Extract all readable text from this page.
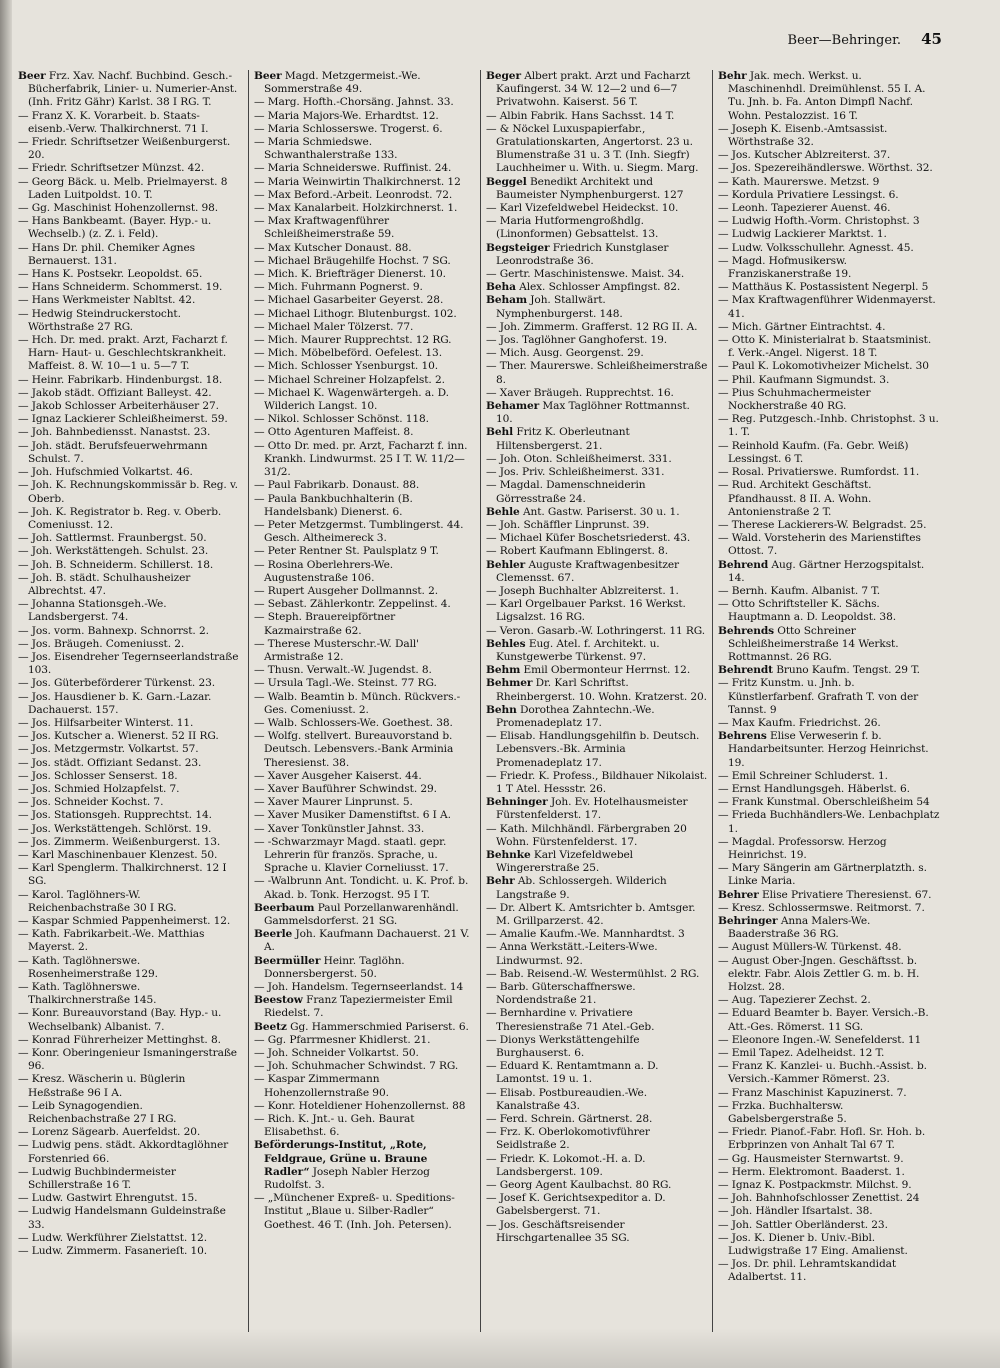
Beer—Behringer. 45
Beer Frz. Xav. Nachf. Buchbind. Gesch.-Bücherfabrik, Linier- u. Numerier-Anst. (Inh. Fritz Gähr) Karlst. 38 I RG. T.
— Franz X. K. Vorarbeit. b. Staats-eisenb.-Verw. Thalkirchnerst. 71 I.
— Friedr. Schriftsetzer Weißenburgerst. 20.
— Friedr. Schriftsetzer Münzst. 42.
— Georg Bäck. u. Melb. Prielmayerst. 8 Laden Luitpoldst. 10. T.
— Gg. Maschinist Hohenzollernst. 98.
— Hans Bankbeamt. (Bayer. Hyp.- u. Wechselb.) (z. Z. i. Feld).
— Hans Dr. phil. Chemiker Agnes Bernauerst. 131.
— Hans K. Postsekr. Leopoldst. 65.
— Hans Schneiderm. Schommerst. 19.
— Hans Werkmeister Nabltst. 42.
— Hedwig Steindruckerstocht. Wörthstraße 27 RG.
— Hch. Dr. med. prakt. Arzt, Facharzt f. Harn- Haut- u. Geschlechtskrankheit. Maffeist. 8. W. 10—1 u. 5—7 T.
— Heinr. Fabrikarb. Hindenburgst. 18.
— Jakob städt. Offiziant Balleyst. 42.
— Jakob Schlosser Arbeiterhäuser 27.
— Ignaz Lackierer Schleißheimerst. 59.
— Joh. Bahnbediensst. Nanastst. 23.
— Joh. städt. Berufsfeuerwehrmann Schulst. 7.
— Joh. Hufschmied Volkartst. 46.
— Joh. K. Rechnungskommissär b. Reg. v. Oberb.
— Joh. K. Registrator b. Reg. v. Oberb. Comeniusst. 12.
— Joh. Sattlermst. Fraunbergst. 50.
— Joh. Werkstättengeh. Schulst. 23.
— Joh. B. Schneiderm. Schillerst. 18.
— Joh. B. städt. Schulhausheizer Albrechtst. 47.
— Johanna Stationsgeh.-We. Landsbergerst. 74.
— Jos. vorm. Bahnexp. Schnorrst. 2.
— Jos. Bräugeh. Comeniusst. 2.
— Jos. Eisendreher Tegernseerlandstraße 103.
— Jos. Güterbeförderer Türkenst. 23.
— Jos. Hausdiener b. K. Garn.-Lazar. Dachauerst. 157.
— Jos. Hilfsarbeiter Winterst. 11.
— Jos. Kutscher a. Wienerst. 52 II RG.
— Jos. Metzgermstr. Volkartst. 57.
— Jos. städt. Offiziant Sedanst. 23.
— Jos. Schlosser Senserst. 18.
— Jos. Schmied Holzapfelst. 7.
— Jos. Schneider Kochst. 7.
— Jos. Stationsgeh. Rupprechtst. 14.
— Jos. Werkstättengeh. Schlörst. 19.
— Jos. Zimmerm. Weißenburgerst. 13.
— Karl Maschinenbauer Klenzest. 50.
— Karl Spenglerm. Thalkirchnerst. 12 I SG.
— Karol. Taglöhners-W. Reichenbachstraße 30 I RG.
— Kaspar Schmied Pappenheimerst. 12.
— Kath. Fabrikarbeit.-We. Matthias Mayerst. 2.
— Kath. Taglöhnerswe. Rosenheimerstraße 129.
— Kath. Taglöhnerswe. Thalkirchnerstraße 145.
— Konr. Bureauvorstand (Bay. Hyp.- u. Wechselbank) Albanist. 7.
— Konrad Führerheizer Mettinghst. 8.
— Konr. Oberingenieur Ismaningerstraße 96.
— Kresz. Wäscherin u. Büglerin Heßstraße 96 I A.
— Leib Synagogendien. Reichenbachstraße 27 I RG.
— Lorenz Sägearb. Auerfeldst. 20.
— Ludwig pens. städt. Akkordtaglöhner Forstenried 66.
— Ludwig Buchbindermeister Schillerstraße 16 T.
— Ludw. Gastwirt Ehrengutst. 15.
— Ludwig Handelsmann Guldeinstraße 33.
— Ludw. Werkführer Zielstattst. 12.
— Ludw. Zimmerm. Fasanerieſt. 10.
Beer Magd. Metzgermeist.-We. Sommerstraße 49.
— Marg. Hofth.-Chorsäng. Jahnst. 33.
— Maria Majors-We. Erhardtst. 12.
— Maria Schlosserswe. Trogerst. 6.
— Maria Schmiedswe. Schwanthalerstraße 133.
— Maria Schneiderswe. Ruffinist. 24.
— Maria Weinwirtin Thalkirchnerst. 12
— Max Beford.-Arbeit. Leonrodst. 72.
— Max Kanalarbeit. Holzkirchnerst. 1.
— Max Kraftwagenführer Schleißheimerstraße 59.
— Max Kutscher Donaust. 88.
— Michael Bräugehilfe Hochst. 7 SG.
— Mich. K. Briefträger Dienerst. 10.
— Mich. Fuhrmann Pognerst. 9.
— Michael Gasarbeiter Geyerst. 28.
— Michael Lithogr. Blutenburgst. 102.
— Michael Maler Tölzerst. 77.
— Mich. Maurer Rupprechtst. 12 RG.
— Mich. Möbelbeförd. Oefelest. 13.
— Mich. Schlosser Ysenburgst. 10.
— Michael Schreiner Holzapfelst. 2.
— Michael K. Wagenwärtergeh. a. D. Wilderich Langst. 10.
— Nikol. Schlosser Schönst. 118.
— Otto Agenturen Maffeist. 8.
— Otto Dr. med. pr. Arzt, Facharzt f. inn. Krankh. Lindwurmst. 25 I T. W. 11/2—31/2.
— Paul Fabrikarb. Donaust. 88.
— Paula Bankbuchhalterin (B. Handelsbank) Dienerst. 6.
— Peter Metzgermst. Tumblingerst. 44. Gesch. Altheimereck 3.
— Peter Rentner St. Paulsplatz 9 T.
— Rosina Oberlehrers-We. Augustenstraße 106.
— Rupert Ausgeher Dollmannst. 2.
— Sebast. Zählerkontr. Zeppelinst. 4.
— Steph. Brauereipförtner Kazmairstraße 62.
— Therese Musterschr.-W. Dall' Armistraße 12.
— Thusn. Verwalt.-W. Jugendst. 8.
— Ursula Tagl.-We. Steinst. 77 RG.
— Walb. Beamtin b. Münch. Rückvers.-Ges. Comeniusst. 2.
— Walb. Schlossers-We. Goethest. 38.
— Wolfg. stellvert. Bureauvorstand b. Deutsch. Lebensvers.-Bank Arminia Theresienst. 38.
— Xaver Ausgeher Kaiserst. 44.
— Xaver Bauführer Schwindst. 29.
— Xaver Maurer Linprunst. 5.
— Xaver Musiker Damenstiftst. 6 I A.
— Xaver Tonkünstler Jahnst. 33.
— -Schwarzmayr Magd. staatl. gepr. Lehrerin für französ. Sprache, u. Sprache u. Klavier Corneliusst. 17.
— -Walbrunn Ant. Tondicht. u. K. Prof. b. Akad. b. Tonk. Herzogst. 95 I T.
Beerbaum Paul Porzellanwarenhändl. Gammelsdorferst. 21 SG.
Beerle Joh. Kaufmann Dachauerst. 21 V. A.
Beermüller Heinr. Taglöhn. Donnersbergerst. 50.
— Joh. Handelsm. Tegernseerlandst. 14
Beestow Franz Tapeziermeister Emil Riedelst. 7.
Beetz Gg. Hammerschmied Pariserst. 6.
— Gg. Pfarrmesner Khidlerst. 21.
— Joh. Schneider Volkartst. 50.
— Joh. Schuhmacher Schwindst. 7 RG.
— Kaspar Zimmermann Hohenzollernstraße 90.
— Konr. Hoteldiener Hohenzollernst. 88
— Rich. K. Jnt.- u. Geh. Baurat Elisabethst. 6.
Beförderungs-Institut, „Rote, Feldgraue, Grüne u. Braune Radler“ Joseph Nabler Herzog Rudolfst. 3.
— „Münchener Expreß- u. Speditions-Institut „Blaue u. Silber-Radler“ Goethest. 46 T. (Inh. Joh. Petersen).
Beger Albert prakt. Arzt und Facharzt Kaufingerst. 34 W. 12—2 und 6—7 Privatwohn. Kaiserst. 56 T.
— Albin Fabrik. Hans Sachsst. 14 T.
— & Nöckel Luxuspapierfabr., Gratulationskarten, Angertorst. 23 u. Blumenstraße 31 u. 3 T. (Inh. Siegfr) Lauchheimer u. With. u. Siegm. Marg.
Beggel Benedikt Architekt und Baumeister Nymphenburgerst. 127
— Karl Vizefeldwebel Heideckst. 10.
— Maria Hutformengroßhdlg. (Linonformen) Gebsattelst. 13.
Begsteiger Friedrich Kunstglaser Leonrodstraße 36.
— Gertr. Maschinistenswe. Maist. 34.
Beha Alex. Schlosser Ampfingst. 82.
Beham Joh. Stallwärt. Nymphenburgerst. 148.
— Joh. Zimmerm. Grafferst. 12 RG II. A.
— Jos. Taglöhner Ganghoferst. 19.
— Mich. Ausg. Georgenst. 29.
— Ther. Maurerswe. Schleißheimerstraße 8.
— Xaver Bräugeh. Rupprechtst. 16.
Behamer Max Taglöhner Rottmannst. 10.
Behl Fritz K. Oberleutnant Hiltensbergerst. 21.
— Joh. Oton. Schleißheimerst. 331.
— Jos. Priv. Schleißheimerst. 331.
— Magdal. Damenschneiderin Görresstraße 24.
Behle Ant. Gastw. Pariserst. 30 u. 1.
— Joh. Schäffler Linprunst. 39.
— Michael Küfer Boschetsriederst. 43.
— Robert Kaufmann Eblingerst. 8.
Behler Auguste Kraftwagenbesitzer Clemensst. 67.
— Joseph Buchhalter Ablzreiterst. 1.
— Karl Orgelbauer Parkst. 16 Werkst. Ligsalzst. 16 RG.
— Veron. Gasarb.-W. Lothringerst. 11 RG.
Behles Eug. Atel. f. Architekt. u. Kunstgewerbe Türkenst. 97.
Behm Emil Obermonteur Herrnst. 12.
Behmer Dr. Karl Schriftst. Rheinbergerst. 10. Wohn. Kratzerst. 20.
Behn Dorothea Zahntechn.-We. Promenadeplatz 17.
— Elisab. Handlungsgehilfin b. Deutsch. Lebensvers.-Bk. Arminia Promenadeplatz 17.
— Friedr. K. Profess., Bildhauer Nikolaist. 1 T Atel. Hessstr. 26.
Behninger Joh. Ev. Hotelhausmeister Fürstenfelderst. 17.
— Kath. Milchhändl. Färbergraben 20 Wohn. Fürstenfelderst. 17.
Behnke Karl Vizefeldwebel Wingererstraße 25.
Behr Ab. Schlossergeh. Wilderich Langstraße 9.
— Dr. Albert K. Amtsrichter b. Amtsger. M. Grillparzerst. 42.
— Amalie Kaufm.-We. Mannhardtst. 3
— Anna Werkstätt.-Leiters-Wwe. Lindwurmst. 92.
— Bab. Reisend.-W. Westermühlst. 2 RG.
— Barb. Güterschaffnerswe. Nordendstraße 21.
— Bernhardine v. Privatiere Theresienstraße 71 Atel.-Geb.
— Dionys Werkstättengehilfe Burghauserst. 6.
— Eduard K. Rentamtmann a. D. Lamontst. 19 u. 1.
— Elisab. Postbureaudien.-We. Kanalstraße 43.
— Ferd. Schrein. Gärtnerst. 28.
— Frz. K. Oberlokomotivführer Seidlstraße 2.
— Friedr. K. Lokomot.-H. a. D. Landsbergerst. 109.
— Georg Agent Kaulbachst. 80 RG.
— Josef K. Gerichtsexpeditor a. D. Gabelsbergerst. 71.
— Jos. Geschäftsreisender Hirschgartenallee 35 SG.
Behr Jak. mech. Werkst. u. Maschinenhdl. Dreimühlenst. 55 I. A. Tu. Jnh. b. Fa. Anton Dimpfl Nachf. Wohn. Pestalozzist. 16 T.
— Joseph K. Eisenb.-Amtsassist. Wörthstraße 32.
— Jos. Kutscher Ablzreiterst. 37.
— Jos. Spezereihändlerswe. Wörthst. 32.
— Kath. Maurerswe. Metzst. 9
— Kordula Privatiere Lessingst. 6.
— Leonh. Tapezierer Auenst. 46.
— Ludwig Hofth.-Vorm. Christophst. 3
— Ludwig Lackierer Marktst. 1.
— Ludw. Volksschullehr. Agnesst. 45.
— Magd. Hofmusikersw. Franziskanerstraße 19.
— Matthäus K. Postassistent Negerpl. 5
— Max Kraftwagenführer Widenmayerst. 41.
— Mich. Gärtner Eintrachtst. 4.
— Otto K. Ministerialrat b. Staatsminist. f. Verk.-Angel. Nigerst. 18 T.
— Paul K. Lokomotivheizer Michelst. 30
— Phil. Kaufmann Sigmundst. 3.
— Pius Schuhmachermeister Nockherstraße 40 RG.
— Reg. Putzgesch.-Inhb. Christophst. 3 u. 1. T.
— Reinhold Kaufm. (Fa. Gebr. Weiß) Lessingst. 6 T.
— Rosal. Privatierswe. Rumfordst. 11.
— Rud. Architekt Geschäftst. Pfandhausst. 8 II. A. Wohn. Antonienstraße 2 T.
— Therese Lackierers-W. Belgradst. 25.
— Wald. Vorsteherin des Marienstiftes Ottost. 7.
Behrend Aug. Gärtner Herzogspitalst. 14.
— Bernh. Kaufm. Albanist. 7 T.
— Otto Schriftsteller K. Sächs. Hauptmann a. D. Leopoldst. 38.
Behrends Otto Schreiner Schleißheimerstraße 14 Werkst. Rottmannst. 26 RG.
Behrendt Bruno Kaufm. Tengst. 29 T.
— Fritz Kunstm. u. Jnh. b. Künstlerfarbenf. Grafrath T. von der Tannst. 9
— Max Kaufm. Friedrichst. 26.
Behrens Elise Verweserin f. b. Handarbeitsunter. Herzog Heinrichst. 19.
— Emil Schreiner Schluderst. 1.
— Ernst Handlungsgeh. Häberlst. 6.
— Frank Kunstmal. Oberschleißheim 54
— Frieda Buchhändlers-We. Lenbachplatz 1.
— Magdal. Professorsw. Herzog Heinrichst. 19.
— Mary Sängerin am Gärtnerplatzth. s. Linke Maria.
Behrer Elise Privatiere Theresienst. 67.
— Kresz. Schlossermswe. Reitmorst. 7.
Behringer Anna Malers-We. Baaderstraße 36 RG.
— August Müllers-W. Türkenst. 48.
— August Ober-Jngen. Geschäftsst. b. elektr. Fabr. Alois Zettler G. m. b. H. Holzst. 28.
— Aug. Tapezierer Zechst. 2.
— Eduard Beamter b. Bayer. Versich.-B. Att.-Ges. Römerst. 11 SG.
— Eleonore Ingen.-W. Senefelderst. 11
— Emil Tapez. Adelheidst. 12 T.
— Franz K. Kanzlei- u. Buchh.-Assist. b. Versich.-Kammer Römerst. 23.
— Franz Maschinist Kapuzinerst. 7.
— Frzka. Buchhaltersw. Gabelsbergerstraße 5.
— Friedr. Pianof.-Fabr. Hofl. Sr. Hoh. b. Erbprinzen von Anhalt Tal 67 T.
— Gg. Hausmeister Sternwartst. 9.
— Herm. Elektromont. Baaderst. 1.
— Ignaz K. Postpackmstr. Milchst. 9.
— Joh. Bahnhofschlosser Zenettist. 24
— Joh. Händler Ifsartalst. 38.
— Joh. Sattler Oberländerst. 23.
— Jos. K. Diener b. Univ.-Bibl. Ludwigstraße 17 Eing. Amalienst.
— Jos. Dr. phil. Lehramtskandidat Adalbertst. 11.
